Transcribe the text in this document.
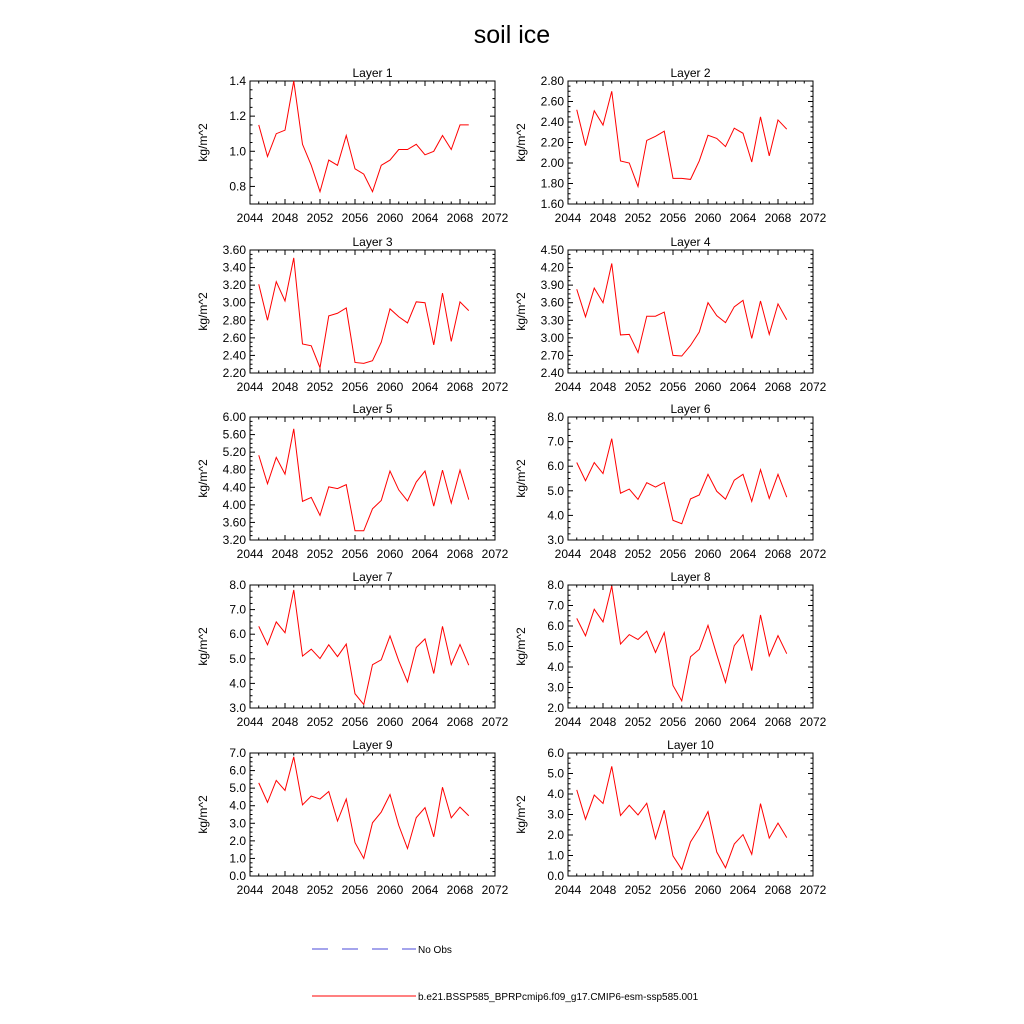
soil ice
Layer 1
kg/m^2
2044 2048 2052 2056 2060 2064 2068 2072
0.8
1.0
1.2
1.4
Layer 2
kg/m^2
2044 2048 2052 2056 2060 2064 2068 2072
1.60
1.80
2.00
2.20
2.40
2.60
2.80
Layer 3
kg/m^2
2044 2048 2052 2056 2060 2064 2068 2072
2.20
2.40
2.60
2.80
3.00
3.20
3.40
3.60
Layer 4
kg/m^2
2044 2048 2052 2056 2060 2064 2068 2072
2.40
2.70
3.00
3.30
3.60
3.90
4.20
4.50
Layer 5
kg/m^2
2044 2048 2052 2056 2060 2064 2068 2072
3.20
3.60
4.00
4.40
4.80
5.20
5.60
6.00
Layer 6
kg/m^2
2044 2048 2052 2056 2060 2064 2068 2072
3.0
4.0
5.0
6.0
7.0
8.0
Layer 7
kg/m^2
2044 2048 2052 2056 2060 2064 2068 2072
3.0
4.0
5.0
6.0
7.0
8.0
Layer 8
kg/m^2
2044 2048 2052 2056 2060 2064 2068 2072
2.0
3.0
4.0
5.0
6.0
7.0
8.0
Layer 9
kg/m^2
2044 2048 2052 2056 2060 2064 2068 2072
0.0
1.0
2.0
3.0
4.0
5.0
6.0
7.0
Layer 10
kg/m^2
2044 2048 2052 2056 2060 2064 2068 2072
0.0
1.0
2.0
3.0
4.0
5.0
6.0
No Obs
b.e21.BSSP585_BPRPcmip6.f09_g17.CMIP6-esm-ssp585.001
